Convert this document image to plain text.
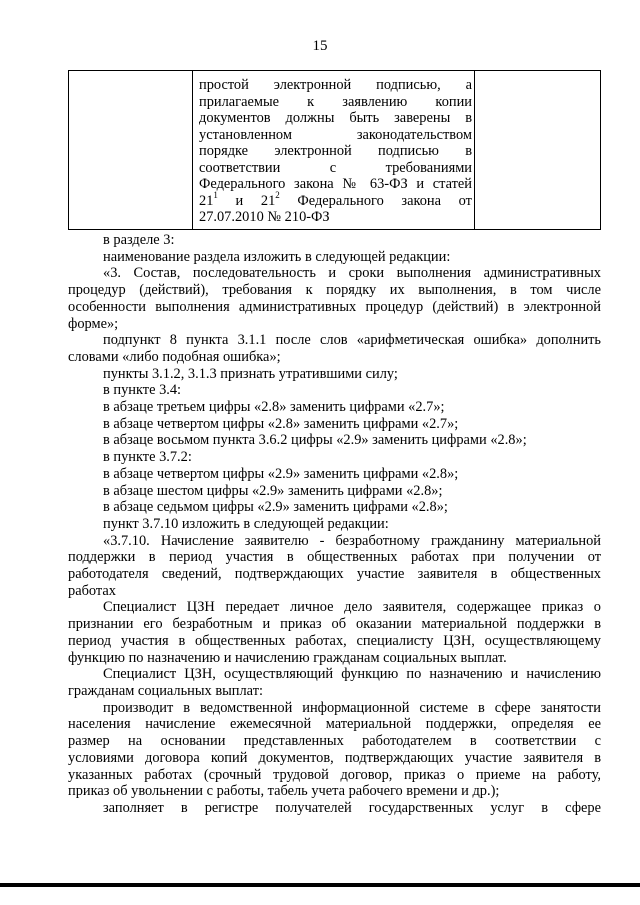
15
простой электронной подписью, а
прилагаемые к заявлению копии
документов должны быть заверены в
установленном законодательством
порядке электронной подписью в
соответствии с требованиями
Федерального закона № 63-ФЗ и статей
$21^1$ и $21^2$ Федерального закона от
27.07.2010 № 210-ФЗ
в разделе 3:
наименование раздела изложить в следующей редакции:
«3. Состав, последовательность и сроки выполнения административных
процедур (действий), требования к порядку их выполнения, в том числе
особенности выполнения административных процедур (действий) в электронной
форме»;
подпункт 8 пункта 3.1.1 после слов «арифметическая ошибка» дополнить
словами «либо подобная ошибка»;
пункты 3.1.2, 3.1.3 признать утратившими силу;
в пункте 3.4:
в абзаце третьем цифры «2.8» заменить цифрами «2.7»;
в абзаце четвертом цифры «2.8» заменить цифрами «2.7»;
в абзаце восьмом пункта 3.6.2 цифры «2.9» заменить цифрами «2.8»;
в пункте 3.7.2:
в абзаце четвертом цифры «2.9» заменить цифрами «2.8»;
в абзаце шестом цифры «2.9» заменить цифрами «2.8»;
в абзаце седьмом цифры «2.9» заменить цифрами «2.8»;
пункт 3.7.10 изложить в следующей редакции:
«3.7.10. Начисление заявителю - безработному гражданину материальной
поддержки в период участия в общественных работах при получении от
работодателя сведений, подтверждающих участие заявителя в общественных
работах
Специалист ЦЗН передает личное дело заявителя, содержащее приказ о
признании его безработным и приказ об оказании материальной поддержки в
период участия в общественных работах, специалисту ЦЗН, осуществляющему
функцию по назначению и начислению гражданам социальных выплат.
Специалист ЦЗН, осуществляющий функцию по назначению и начислению
гражданам социальных выплат:
производит в ведомственной информационной системе в сфере занятости
населения начисление ежемесячной материальной поддержки, определяя ее
размер на основании представленных работодателем в соответствии с
условиями договора копий документов, подтверждающих участие заявителя в
указанных работах (срочный трудовой договор, приказ о приеме на работу,
приказ об увольнении с работы, табель учета рабочего времени и др.);
заполняет в регистре получателей государственных услуг в сфере
